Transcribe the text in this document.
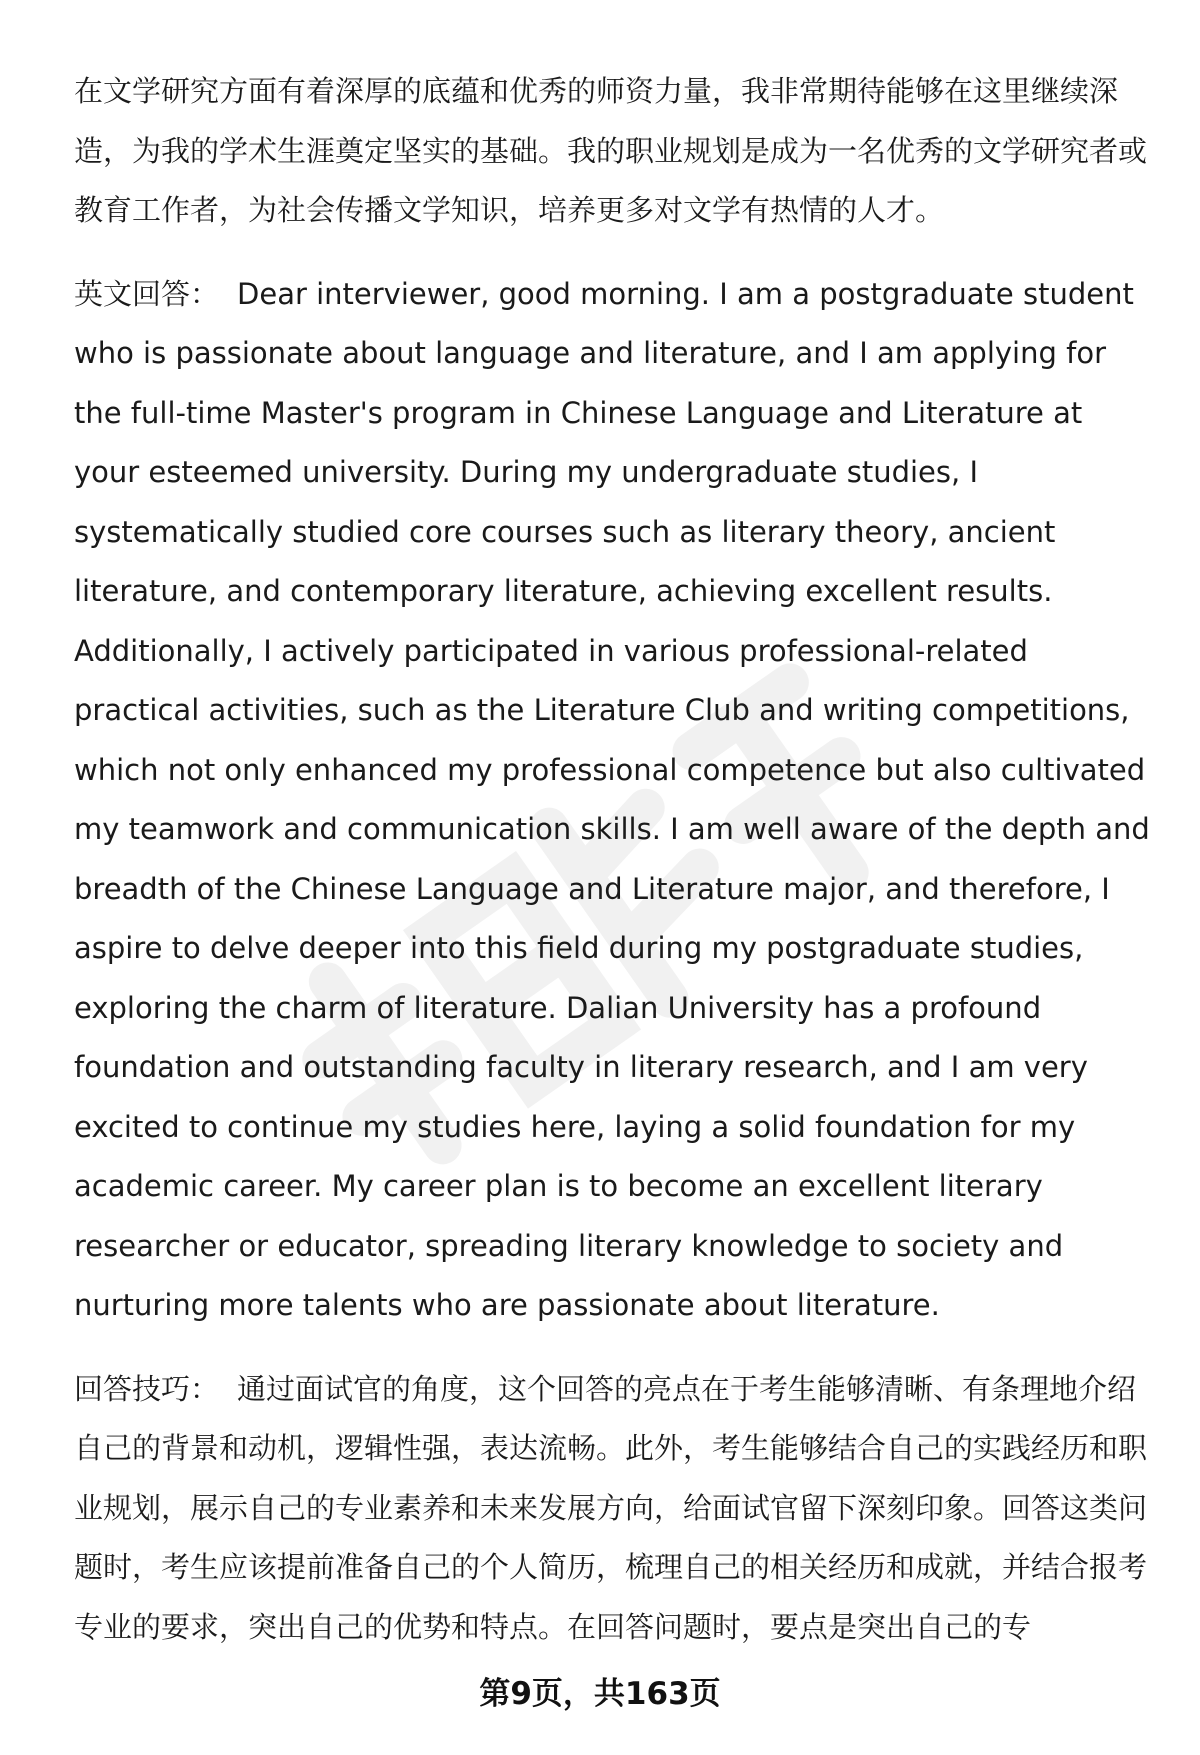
在文学研究方面有着深厚的底蕴和优秀的师资力量，我非常期待能够在这里继续深造，为我的学术生涯奠定坚实的基础。我的职业规划是成为一名优秀的文学研究者或教育工作者，为社会传播文学知识，培养更多对文学有热情的人才。

英文回答： Dear interviewer, good morning. I am a postgraduate student who is passionate about language and literature, and I am applying for the full-time Master's program in Chinese Language and Literature at your esteemed university. During my undergraduate studies, I systematically studied core courses such as literary theory, ancient literature, and contemporary literature, achieving excellent results. Additionally, I actively participated in various professional-related practical activities, such as the Literature Club and writing competitions, which not only enhanced my professional competence but also cultivated my teamwork and communication skills. I am well aware of the depth and breadth of the Chinese Language and Literature major, and therefore, I aspire to delve deeper into this field during my postgraduate studies, exploring the charm of literature. Dalian University has a profound foundation and outstanding faculty in literary research, and I am very excited to continue my studies here, laying a solid foundation for my academic career. My career plan is to become an excellent literary researcher or educator, spreading literary knowledge to society and nurturing more talents who are passionate about literature.

回答技巧： 通过面试官的角度，这个回答的亮点在于考生能够清晰、有条理地介绍自己的背景和动机，逻辑性强，表达流畅。此外，考生能够结合自己的实践经历和职业规划，展示自己的专业素养和未来发展方向，给面试官留下深刻印象。回答这类问题时，考生应该提前准备自己的个人简历，梳理自己的相关经历和成就，并结合报考专业的要求，突出自己的优势和特点。在回答问题时，要点是突出自己的专

第9页，共163页
